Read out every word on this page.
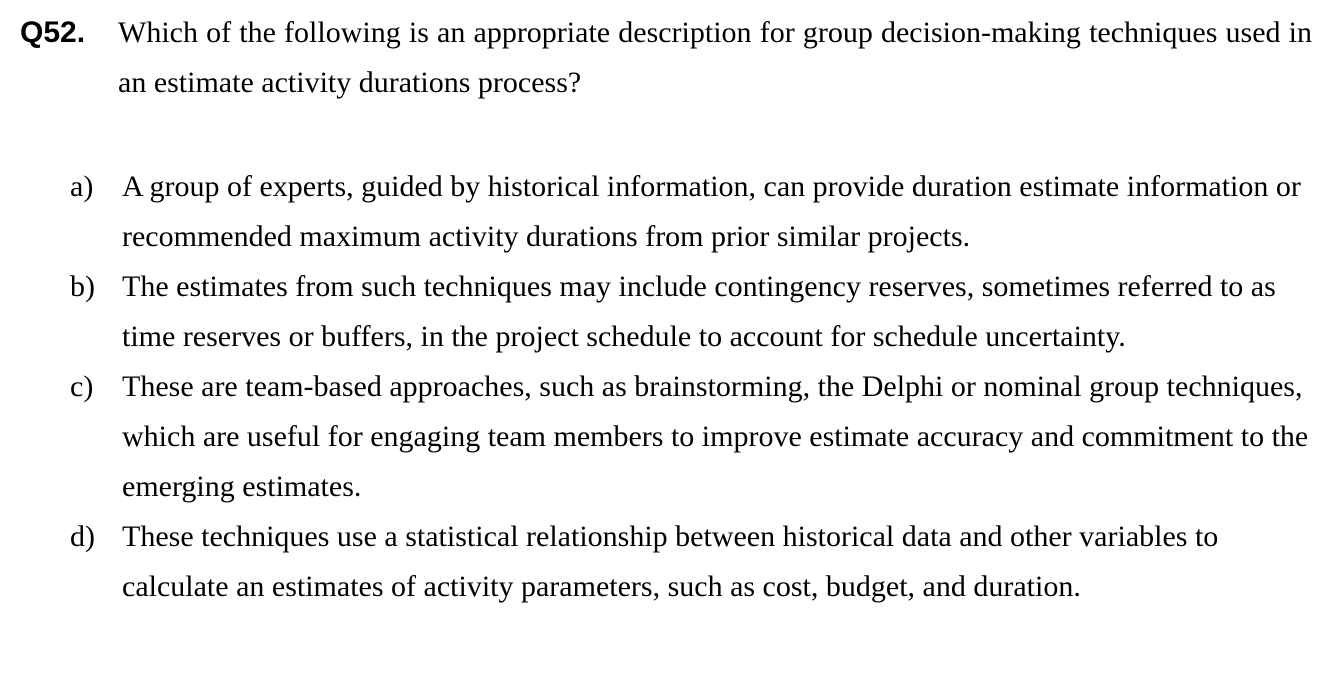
Q52.	Which of the following is an appropriate description for group decision-making techniques used in an estimate activity durations process?
a) A group of experts, guided by historical information, can provide duration estimate information or recommended maximum activity durations from prior similar projects.
b) The estimates from such techniques may include contingency reserves, sometimes referred to as time reserves or buffers, in the project schedule to account for schedule uncertainty.
c) These are team-based approaches, such as brainstorming, the Delphi or nominal group techniques, which are useful for engaging team members to improve estimate accuracy and commitment to the emerging estimates.
d) These techniques use a statistical relationship between historical data and other variables to calculate an estimates of activity parameters, such as cost, budget, and duration.
